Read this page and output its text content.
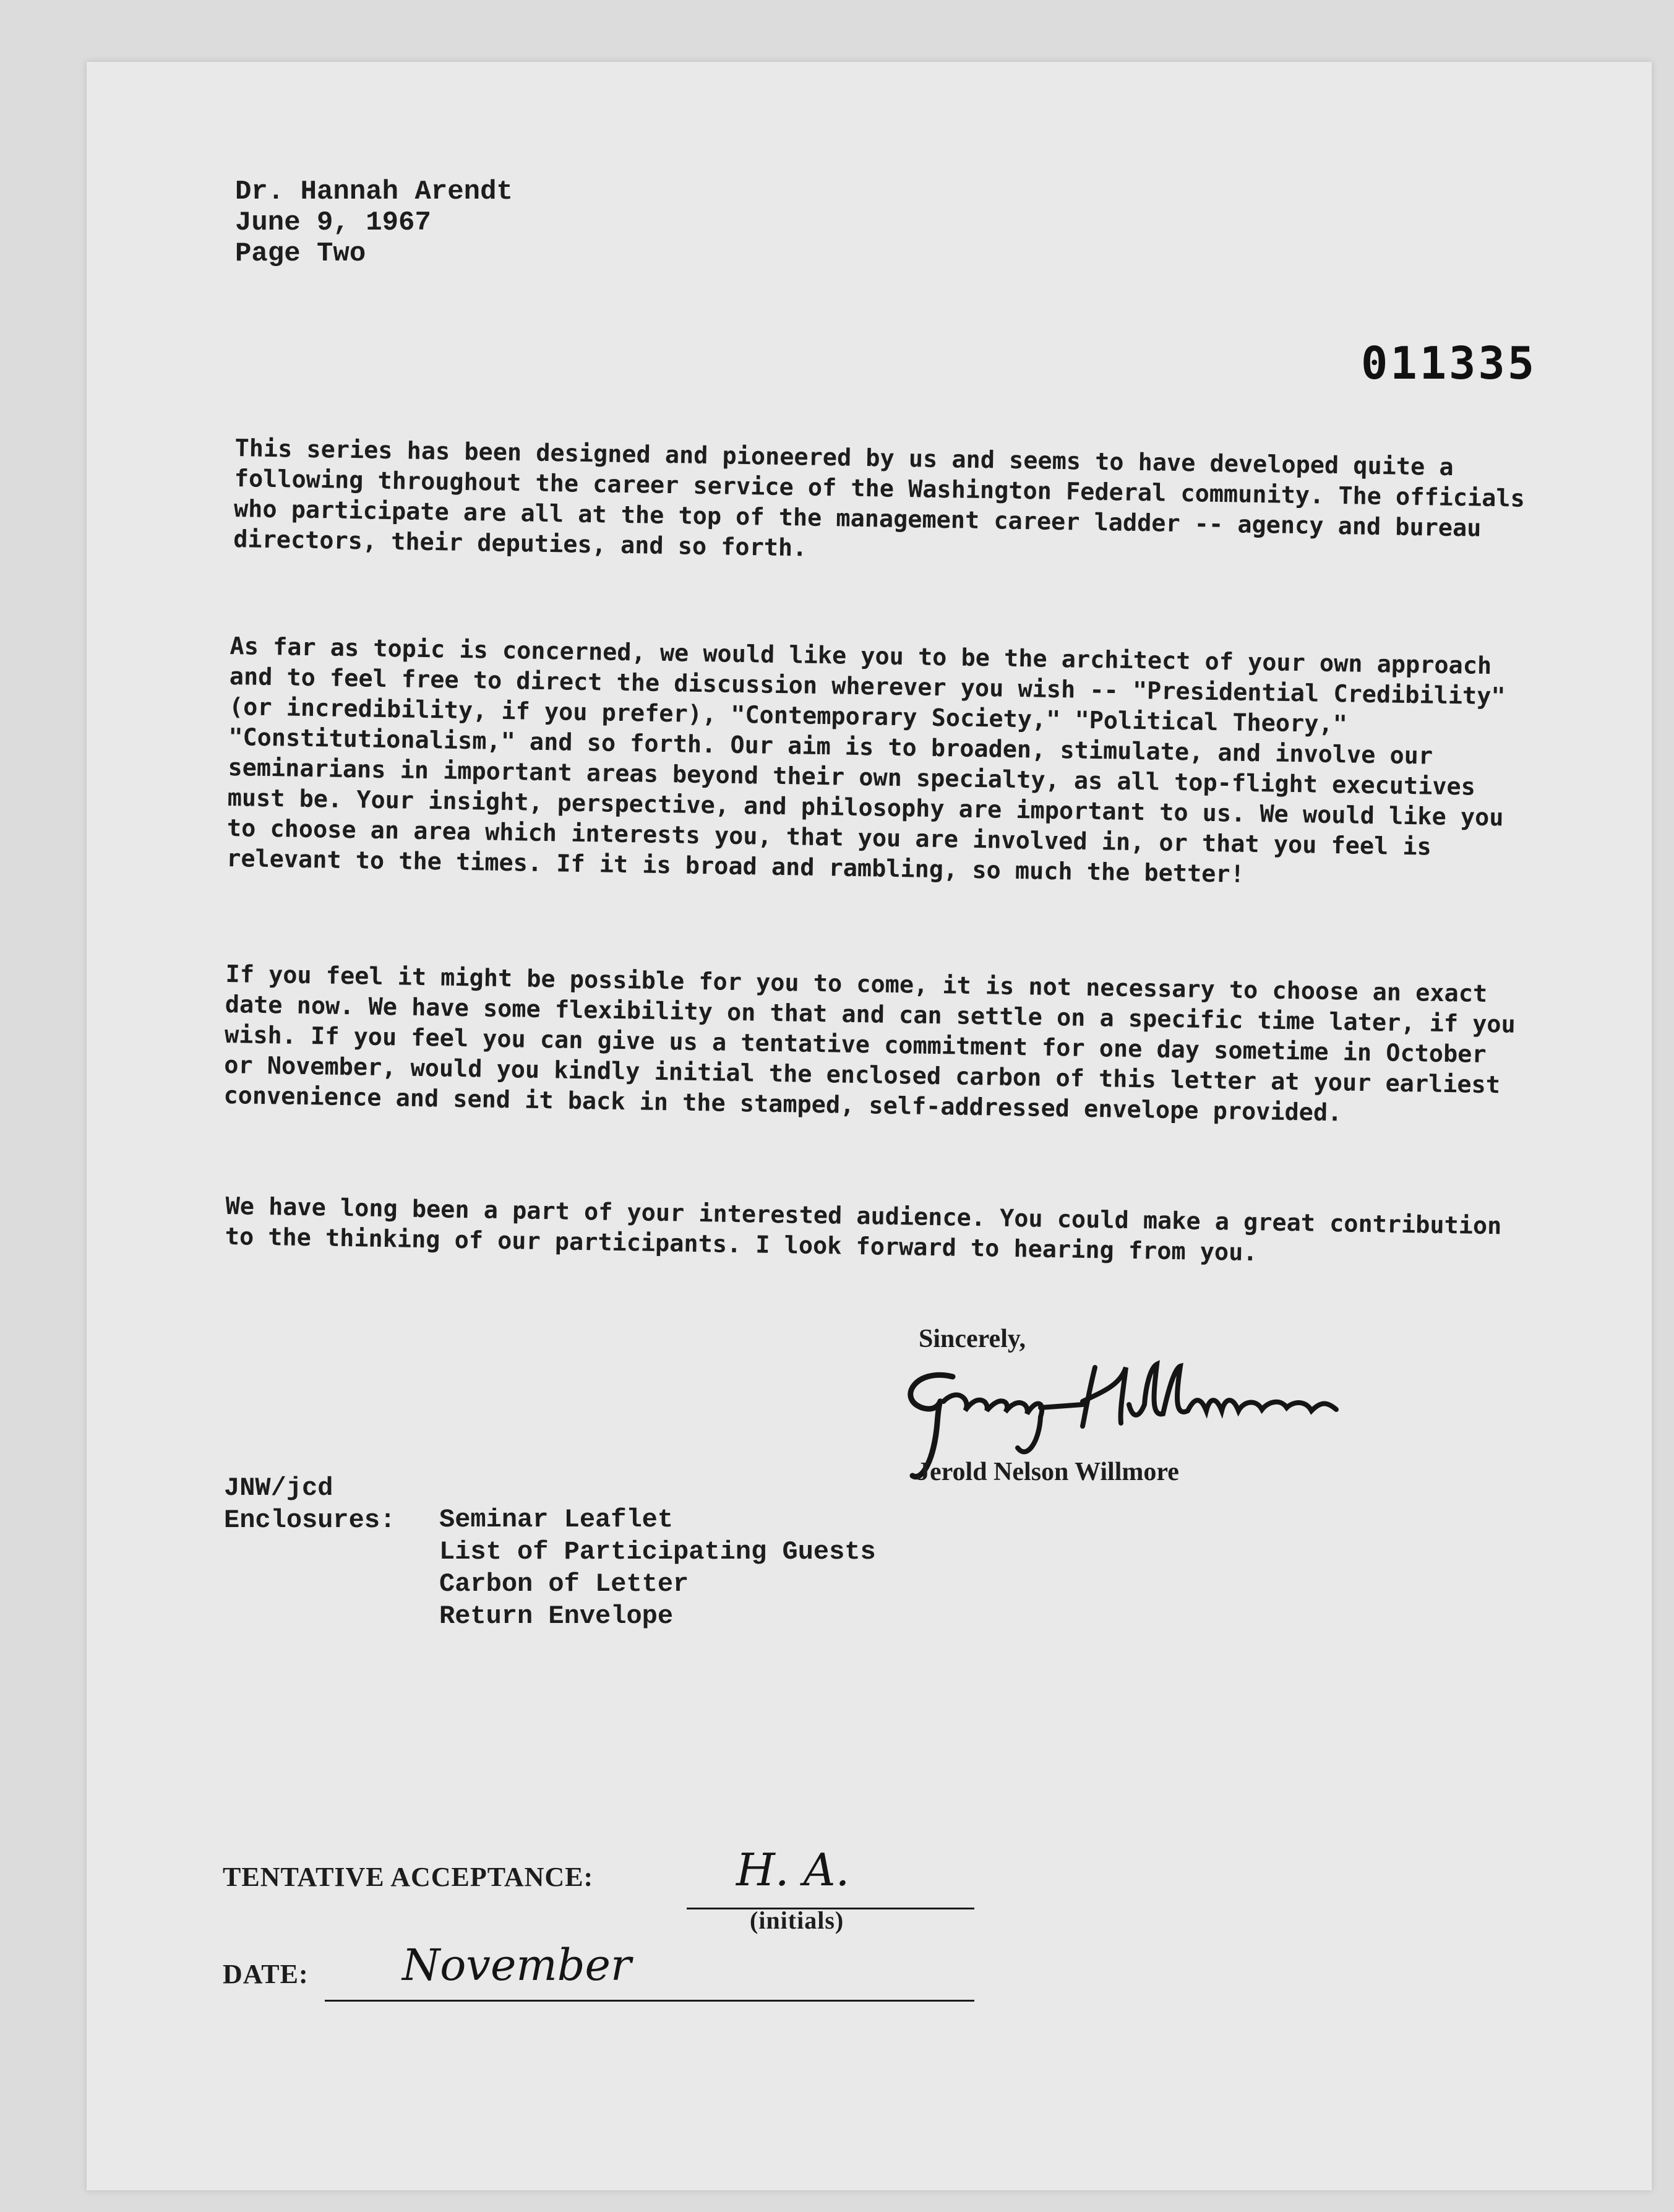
Dr. Hannah Arendt
June 9, 1967
Page Two
011335

This series has been designed and pioneered by us and seems to have developed quite a following throughout the career service of the Washington Federal community. The officials who participate are all at the top of the management career ladder -- agency and bureau directors, their deputies, and so forth.

As far as topic is concerned, we would like you to be the architect of your own approach and to feel free to direct the discussion wherever you wish -- "Presidential Credibility" (or incredibility, if you prefer), "Contemporary Society," "Political Theory," "Constitutionalism," and so forth. Our aim is to broaden, stimulate, and involve our seminarians in important areas beyond their own specialty, as all top-flight executives must be. Your insight, perspective, and philosophy are important to us. We would like you to choose an area which interests you, that you are involved in, or that you feel is relevant to the times. If it is broad and rambling, so much the better!

If you feel it might be possible for you to come, it is not necessary to choose an exact date now. We have some flexibility on that and can settle on a specific time later, if you wish. If you feel you can give us a tentative commitment for one day sometime in October or November, would you kindly initial the enclosed carbon of this letter at your earliest convenience and send it back in the stamped, self-addressed envelope provided.

We have long been a part of your interested audience. You could make a great contribution to the thinking of our participants. I look forward to hearing from you.

Sincerely,
Jerold Nelson Willmore
JNW/jcd
Enclosures: Seminar Leaflet
List of Participating Guests
Carbon of Letter
Return Envelope
TENTATIVE ACCEPTANCE:	H. A.
(initials)
DATE: November
